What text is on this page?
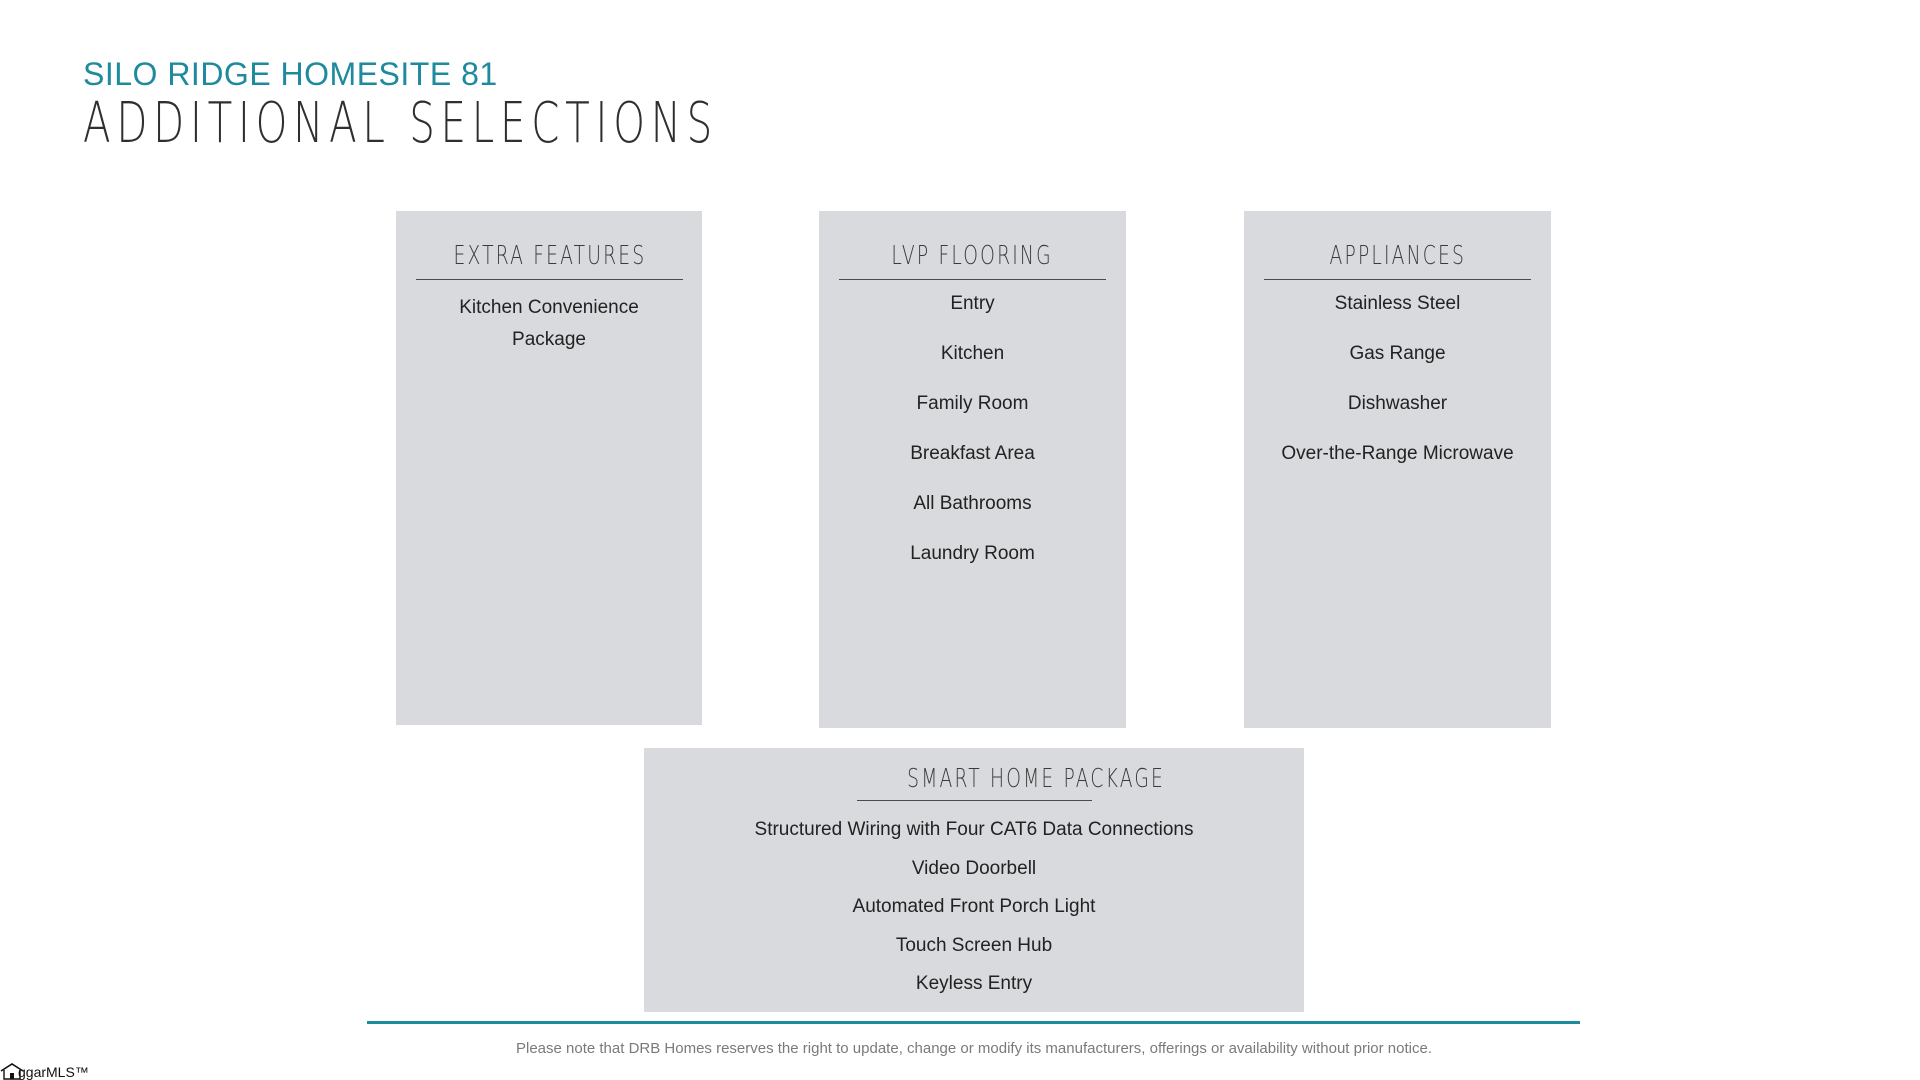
SILO RIDGE HOMESITE 81
ADDITIONAL SELECTIONS
EXTRA FEATURES
Kitchen Convenience Package
LVP FLOORING
Entry
Kitchen
Family Room
Breakfast Area
All Bathrooms
Laundry Room
APPLIANCES
Stainless Steel
Gas Range
Dishwasher
Over-the-Range Microwave
SMART HOME PACKAGE
Structured Wiring with Four CAT6 Data Connections
Video Doorbell
Automated Front Porch Light
Touch Screen Hub
Keyless Entry
Please note that DRB Homes reserves the right to update, change or modify its manufacturers, offerings or availability without prior notice.
ggarMLS™
